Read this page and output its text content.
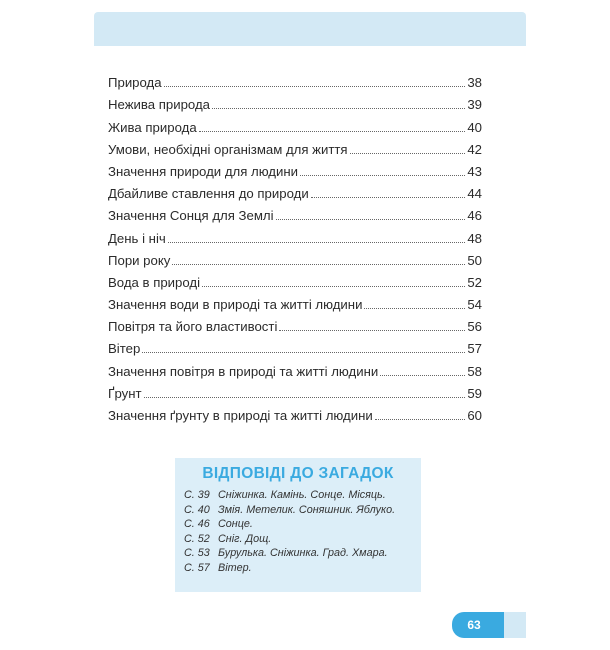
Природа	38
Нежива природа	39
Жива природа	40
Умови, необхідні організмам для життя	42
Значення природи для людини	43
Дбайливе ставлення до природи	44
Значення Сонця для Землі	46
День і ніч	48
Пори року	50
Вода в природі	52
Значення води в природі та житті людини	54
Повітря та його властивості	56
Вітер	57
Значення повітря в природі та житті людини	58
Ґрунт	59
Значення ґрунту в природі та житті людини	60
ВІДПОВІДІ ДО ЗАГАДОК
С. 39 Сніжинка. Камінь. Сонце. Місяць.
С. 40 Змія. Метелик. Соняшник. Яблуко.
С. 46 Сонце.
С. 52 Сніг. Дощ.
С. 53 Бурулька. Сніжинка. Град. Хмара.
С. 57 Вітер.
63
